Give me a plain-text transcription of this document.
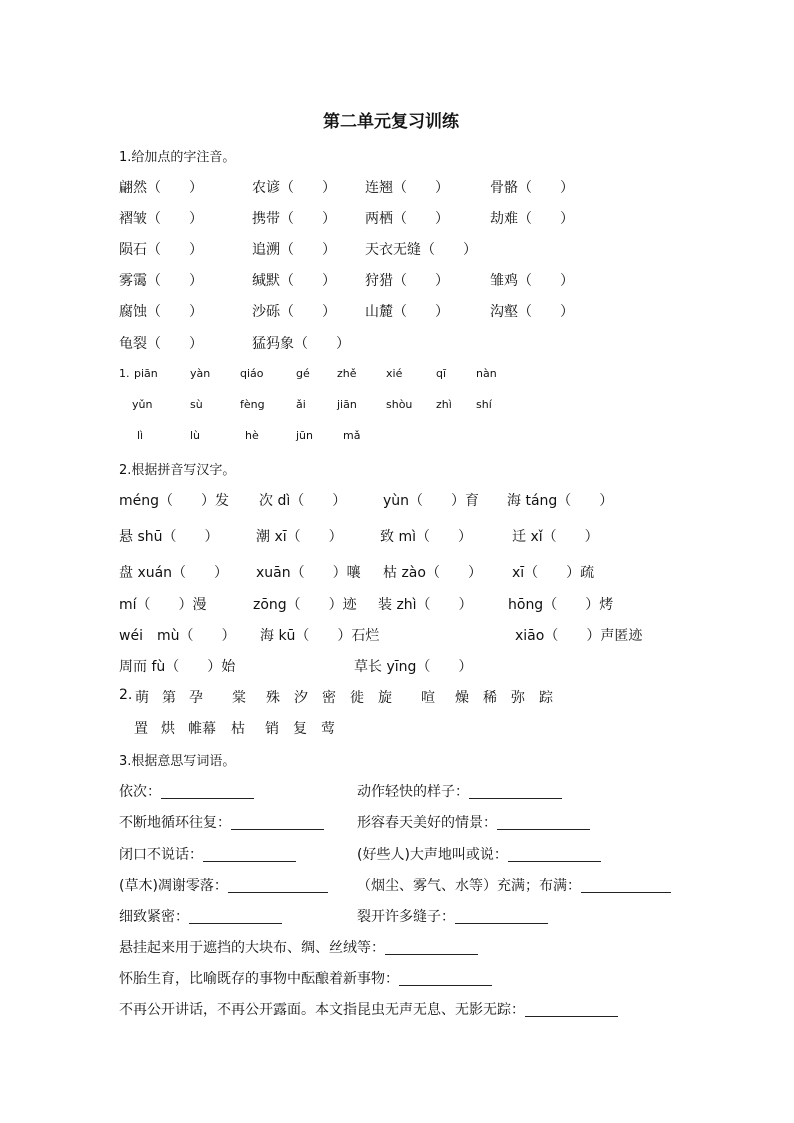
第二单元复习训练
1.给加点的字注音。
翩然（　　）	农谚（　　） 连翘（　　）	骨骼（　　）
褶皱（　　）	携带（　　） 两栖（　　）	劫难（　　）
陨石（　　）	追溯（　　） 天衣无缝（　　）
雾霭（　　）	缄默（　　） 狩猎（　　）	雏鸡（　　）
腐蚀（　　）	沙砾（　　） 山麓（　　）	沟壑（　　）
龟裂（　　）	猛犸象（　　）
1. piān	yàn	qiáo	gé zhě	xié	qī	nàn
yǔn	sù	fèng	ǎi	jiān	shòu zhì shí
lì	lù	hè	jūn	mǎ
2.根据拼音写汉字。
méng（　　）发 次 dì（　　）	yùn（　　）育 海 táng（　　）
悬 shū（　　）	潮 xī（　　）	致 mì（　　）	迁 xǐ（　　）
盘 xuán（　　） xuān（　　）嚷 枯 zào（　　） xī（　　）疏
mí（　　）漫	zōng（　　）迹 装 zhì（　　）	hōng（　　）烤
wéi　mù（　　） 海 kū（　　）石烂	xiāo（　　）声匿迹
周而 fù（　　）始	草长 yīng（　　）
2. 萌 第 孕 棠 殊 汐 密 徙 旋 喧 燥 稀 弥 踪
置 烘 帷幕 枯 销 复 莺
3.根据意思写词语。
依次：	动作轻快的样子：
不断地循环往复：	形容春天美好的情景：
闭口不说话：	(好些人)大声地叫或说：
(草木)凋谢零落：	（烟尘、雾气、水等）充满；布满：
细致紧密：	裂开许多缝子：
悬挂起来用于遮挡的大块布、绸、丝绒等：
怀胎生育，比喻既存的事物中酝酿着新事物：
不再公开讲话，不再公开露面。本文指昆虫无声无息、无影无踪：
